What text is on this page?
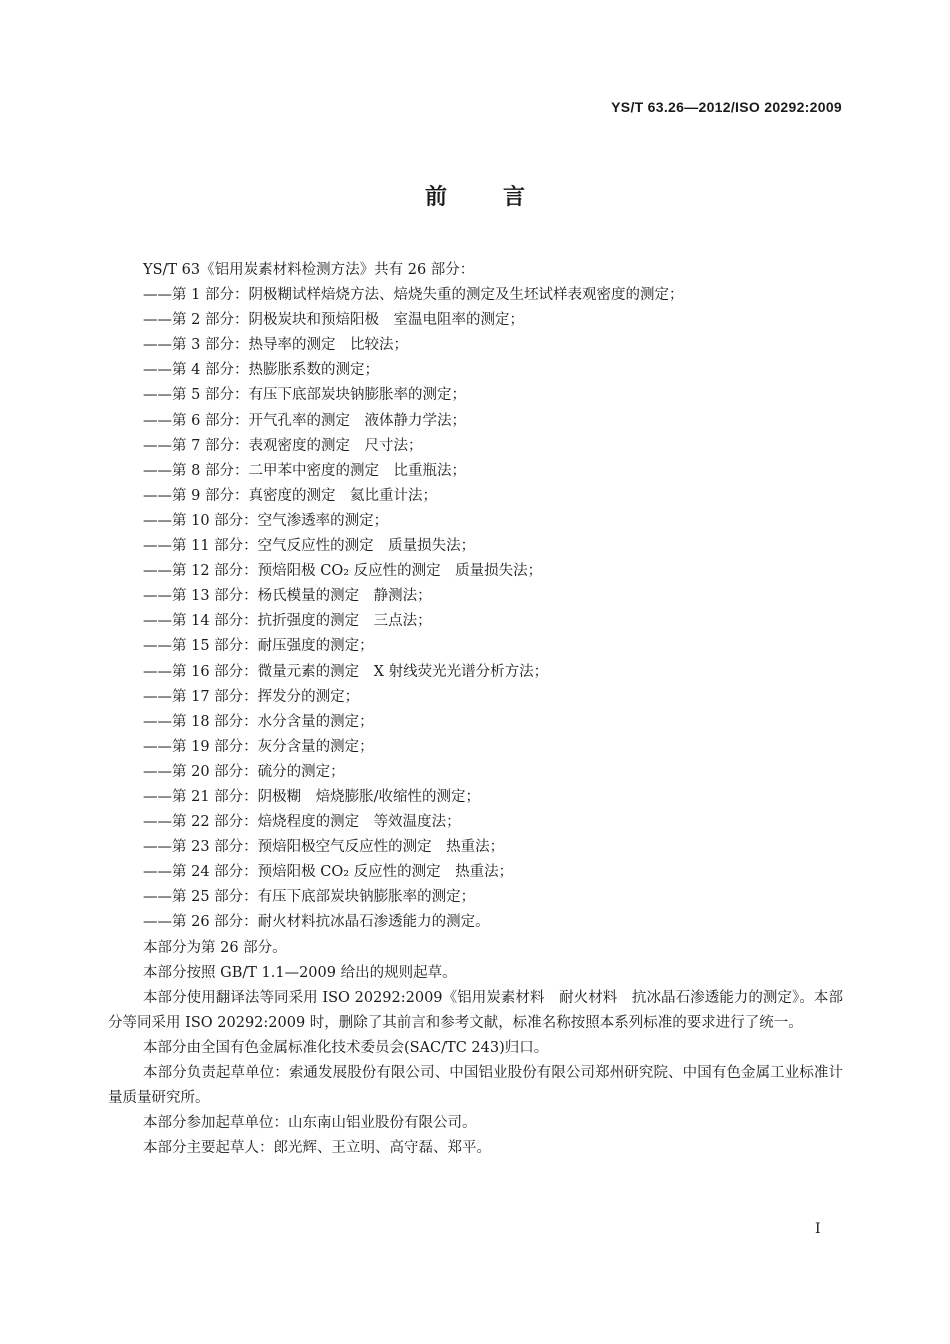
YS/T 63.26—2012/ISO 20292:2009
前	言

YS/T 63《铝用炭素材料检测方法》共有 26 部分：

——第 1 部分：阴极糊试样焙烧方法、焙烧失重的测定及生坯试样表观密度的测定；

——第 2 部分：阴极炭块和预焙阳极　室温电阻率的测定；

——第 3 部分：热导率的测定　比较法；

——第 4 部分：热膨胀系数的测定；

——第 5 部分：有压下底部炭块钠膨胀率的测定；

——第 6 部分：开气孔率的测定　液体静力学法；

——第 7 部分：表观密度的测定　尺寸法；

——第 8 部分：二甲苯中密度的测定　比重瓶法；

——第 9 部分：真密度的测定　氦比重计法；

——第 10 部分：空气渗透率的测定；

——第 11 部分：空气反应性的测定　质量损失法；

——第 12 部分：预焙阳极 CO₂ 反应性的测定　质量损失法；

——第 13 部分：杨氏模量的测定　静测法；

——第 14 部分：抗折强度的测定　三点法；

——第 15 部分：耐压强度的测定；

——第 16 部分：微量元素的测定　X 射线荧光光谱分析方法；

——第 17 部分：挥发分的测定；

——第 18 部分：水分含量的测定；

——第 19 部分：灰分含量的测定；

——第 20 部分：硫分的测定；

——第 21 部分：阴极糊　焙烧膨胀/收缩性的测定；

——第 22 部分：焙烧程度的测定　等效温度法；

——第 23 部分：预焙阳极空气反应性的测定　热重法；

——第 24 部分：预焙阳极 CO₂ 反应性的测定　热重法；

——第 25 部分：有压下底部炭块钠膨胀率的测定；

——第 26 部分：耐火材料抗冰晶石渗透能力的测定。

本部分为第 26 部分。

本部分按照 GB/T 1.1—2009 给出的规则起草。

本部分使用翻译法等同采用 ISO 20292:2009《铝用炭素材料　耐火材料　抗冰晶石渗透能力的测定》。本部分等同采用 ISO 20292:2009 时，删除了其前言和参考文献，标准名称按照本系列标准的要求进行了统一。

本部分由全国有色金属标准化技术委员会(SAC/TC 243)归口。

本部分负责起草单位：索通发展股份有限公司、中国铝业股份有限公司郑州研究院、中国有色金属工业标准计量质量研究所。

本部分参加起草单位：山东南山铝业股份有限公司。

本部分主要起草人：郎光辉、王立明、高守磊、郑平。

I
